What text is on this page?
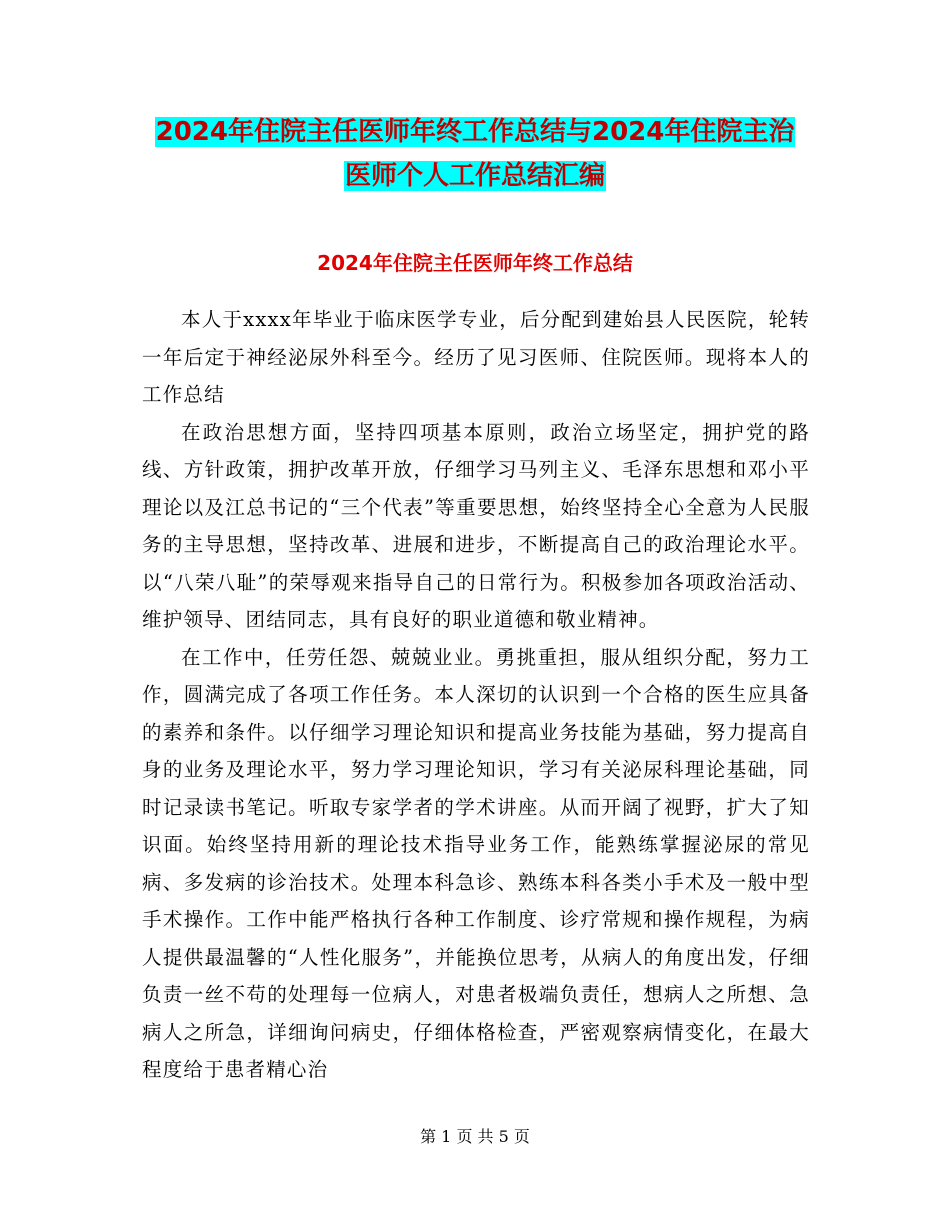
2024年住院主任医师年终工作总结与2024年住院主治
医师个人工作总结汇编
2024年住院主任医师年终工作总结

本人于xxxx年毕业于临床医学专业，后分配到建始县人民医院，轮转一年后定于神经泌尿外科至今。经历了见习医师、住院医师。现将本人的工作总结

在政治思想方面，坚持四项基本原则，政治立场坚定，拥护党的路线、方针政策，拥护改革开放，仔细学习马列主义、毛泽东思想和邓小平理论以及江总书记的“三个代表”等重要思想，始终坚持全心全意为人民服务的主导思想，坚持改革、进展和进步，不断提高自己的政治理论水平。以“八荣八耻”的荣辱观来指导自己的日常行为。积极参加各项政治活动、维护领导、团结同志，具有良好的职业道德和敬业精神。

在工作中，任劳任怨、兢兢业业。勇挑重担，服从组织分配，努力工作，圆满完成了各项工作任务。本人深切的认识到一个合格的医生应具备的素养和条件。以仔细学习理论知识和提高业务技能为基础，努力提高自身的业务及理论水平，努力学习理论知识，学习有关泌尿科理论基础，同时记录读书笔记。听取专家学者的学术讲座。从而开阔了视野，扩大了知识面。始终坚持用新的理论技术指导业务工作，能熟练掌握泌尿的常见病、多发病的诊治技术。处理本科急诊、熟练本科各类小手术及一般中型手术操作。工作中能严格执行各种工作制度、诊疗常规和操作规程，为病人提供最温馨的“人性化服务”，并能换位思考，从病人的角度出发，仔细负责一丝不苟的处理每一位病人，对患者极端负责任，想病人之所想、急病人之所急，详细询问病史，仔细体格检查，严密观察病情变化，在最大程度给于患者精心治

第 1 页 共 5 页
